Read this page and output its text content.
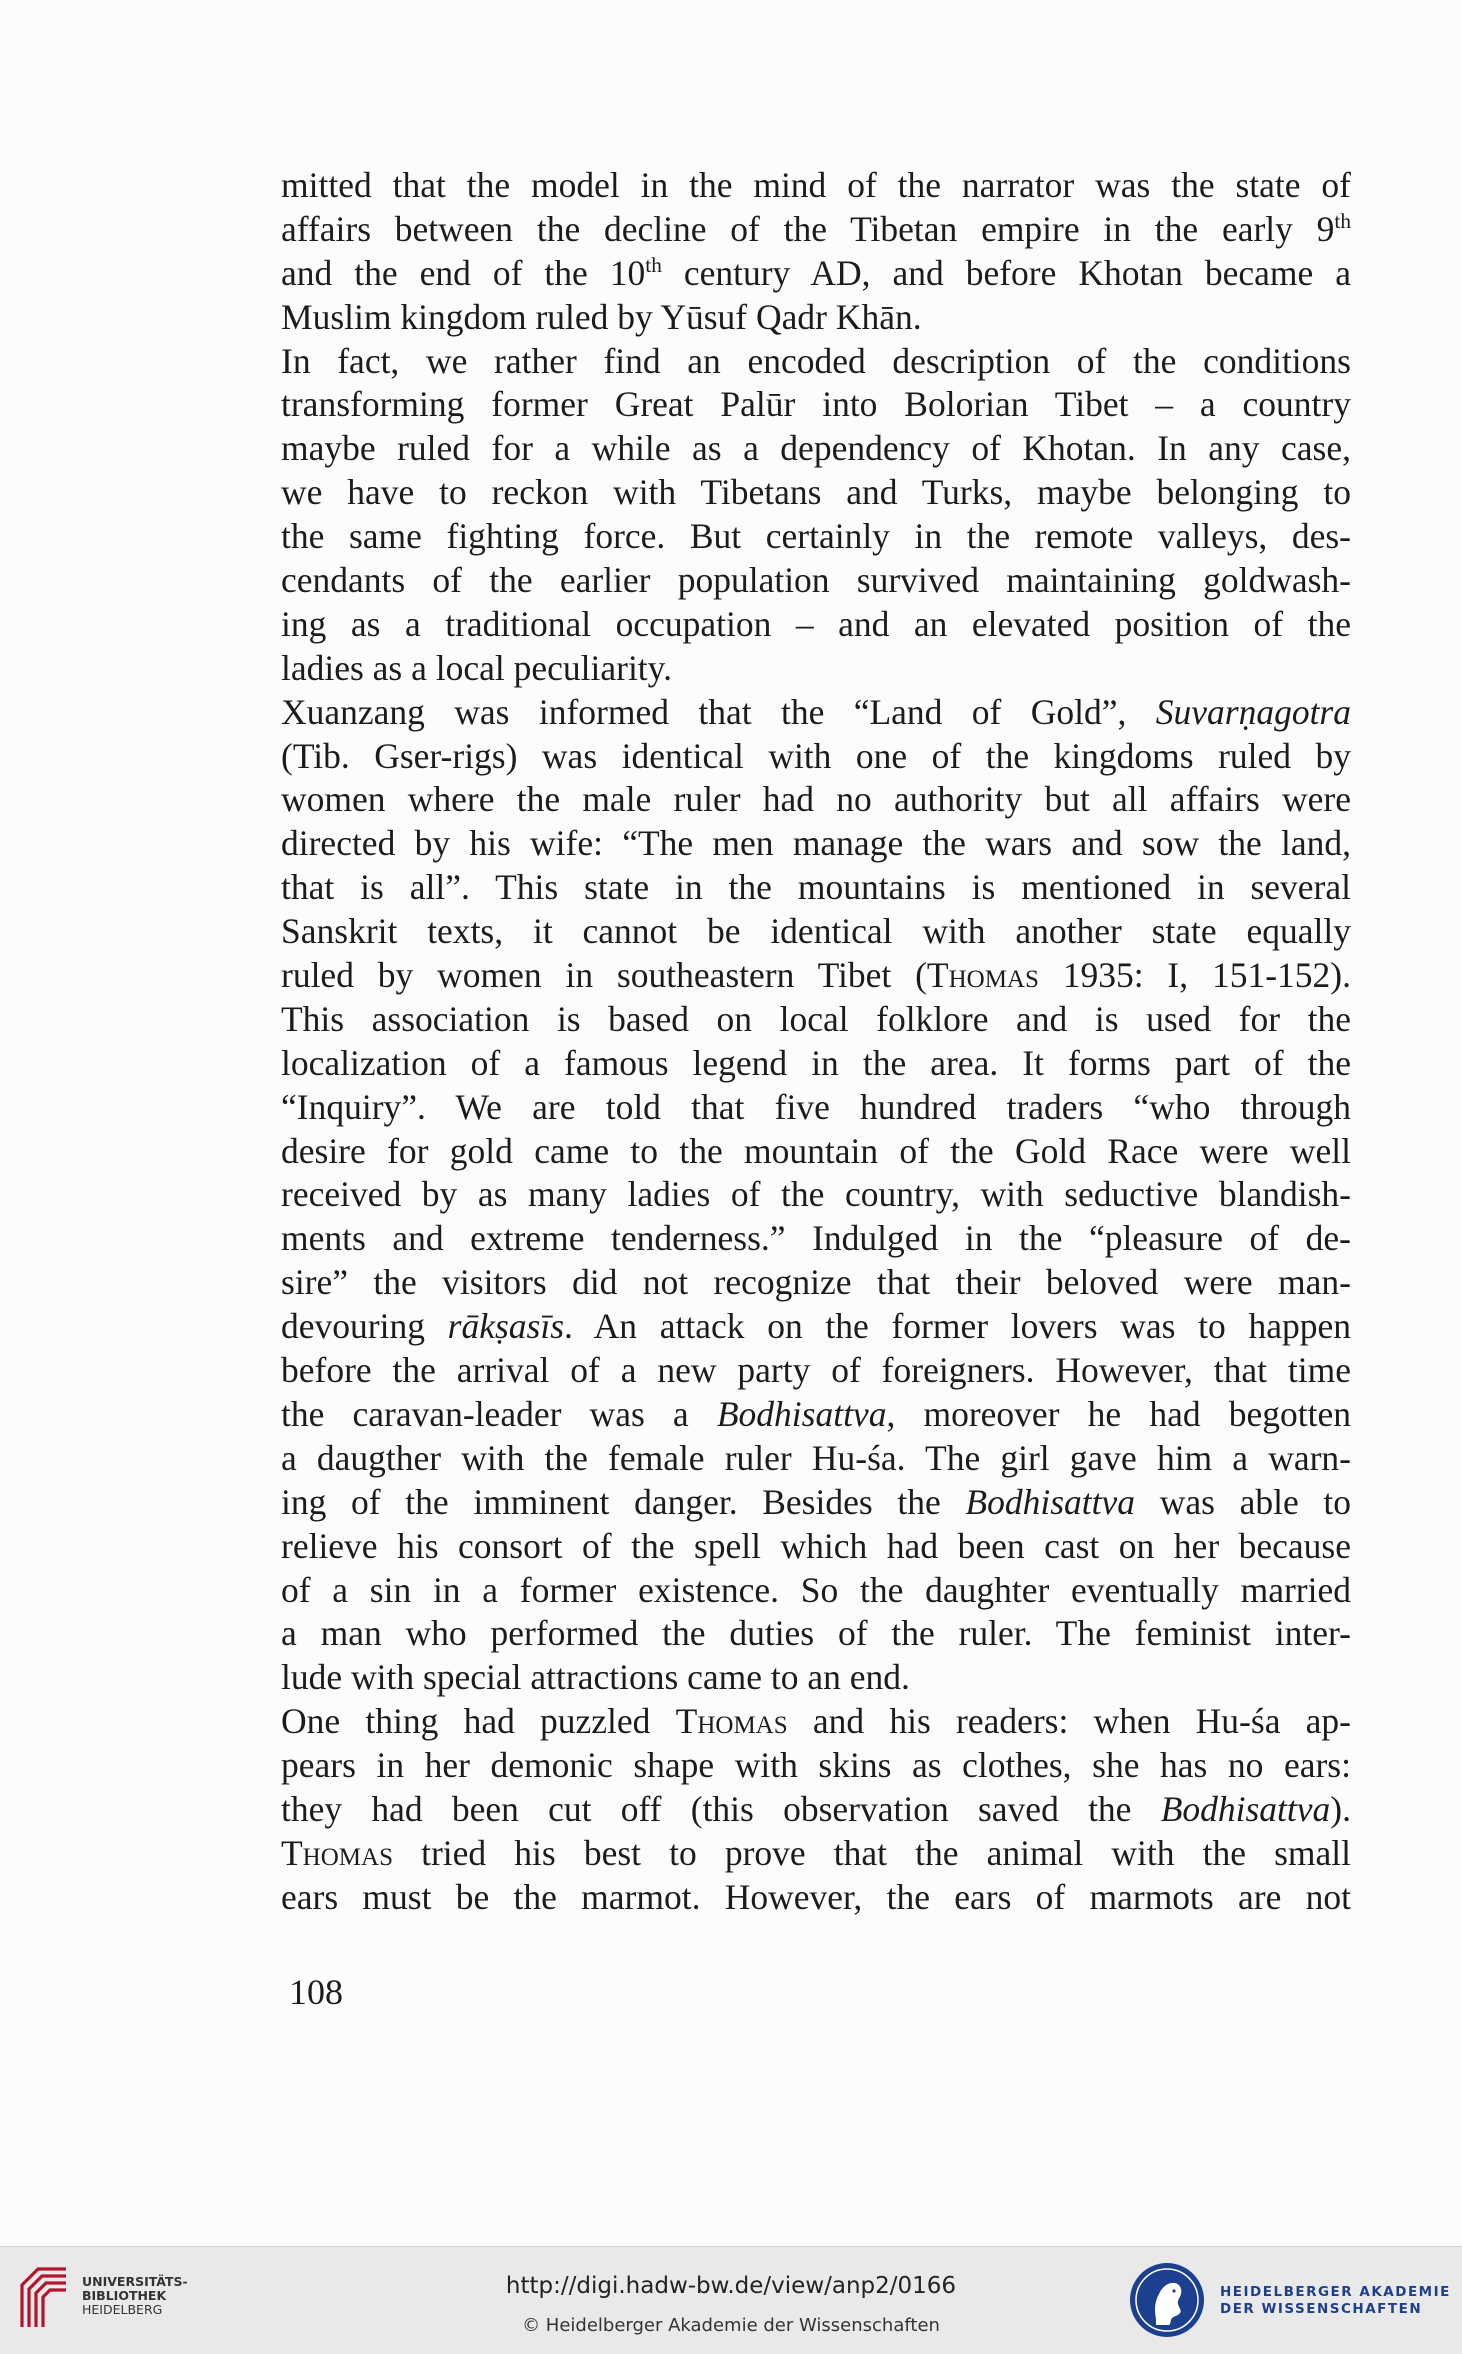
mitted that the model in the mind of the narrator was the state of
affairs between the decline of the Tibetan empire in the early 9th
and the end of the 10th century AD, and before Khotan became a
Muslim kingdom ruled by Yūsuf Qadr Khān.
In fact, we rather find an encoded description of the conditions
transforming former Great Palūr into Bolorian Tibet – a country
maybe ruled for a while as a dependency of Khotan. In any case,
we have to reckon with Tibetans and Turks, maybe belonging to
the same fighting force. But certainly in the remote valleys, des-
cendants of the earlier population survived maintaining goldwash-
ing as a traditional occupation – and an elevated position of the
ladies as a local peculiarity.
Xuanzang was informed that the “Land of Gold”, Suvarṇagotra
(Tib. Gser-rigs) was identical with one of the kingdoms ruled by
women where the male ruler had no authority but all affairs were
directed by his wife: “The men manage the wars and sow the land,
that is all”. This state in the mountains is mentioned in several
Sanskrit texts, it cannot be identical with another state equally
ruled by women in southeastern Tibet (Thomas 1935: I, 151-152).
This association is based on local folklore and is used for the
localization of a famous legend in the area. It forms part of the
“Inquiry”. We are told that five hundred traders “who through
desire for gold came to the mountain of the Gold Race were well
received by as many ladies of the country, with seductive blandish-
ments and extreme tenderness.” Indulged in the “pleasure of de-
sire” the visitors did not recognize that their beloved were man-
devouring rākṣasīs. An attack on the former lovers was to happen
before the arrival of a new party of foreigners. However, that time
the caravan-leader was a Bodhisattva, moreover he had begotten
a daugther with the female ruler Hu-śa. The girl gave him a warn-
ing of the imminent danger. Besides the Bodhisattva was able to
relieve his consort of the spell which had been cast on her because
of a sin in a former existence. So the daughter eventually married
a man who performed the duties of the ruler. The feminist inter-
lude with special attractions came to an end.
One thing had puzzled Thomas and his readers: when Hu-śa ap-
pears in her demonic shape with skins as clothes, she has no ears:
they had been cut off (this observation saved the Bodhisattva).
Thomas tried his best to prove that the animal with the small
ears must be the marmot. However, the ears of marmots are not
108
UNIVERSITÄTS-
BIBLIOTHEK
HEIDELBERG
http://digi.hadw-bw.de/view/anp2/0166
© Heidelberger Akademie der Wissenschaften
HEIDELBERGER AKADEMIE
DER WISSENSCHAFTEN
